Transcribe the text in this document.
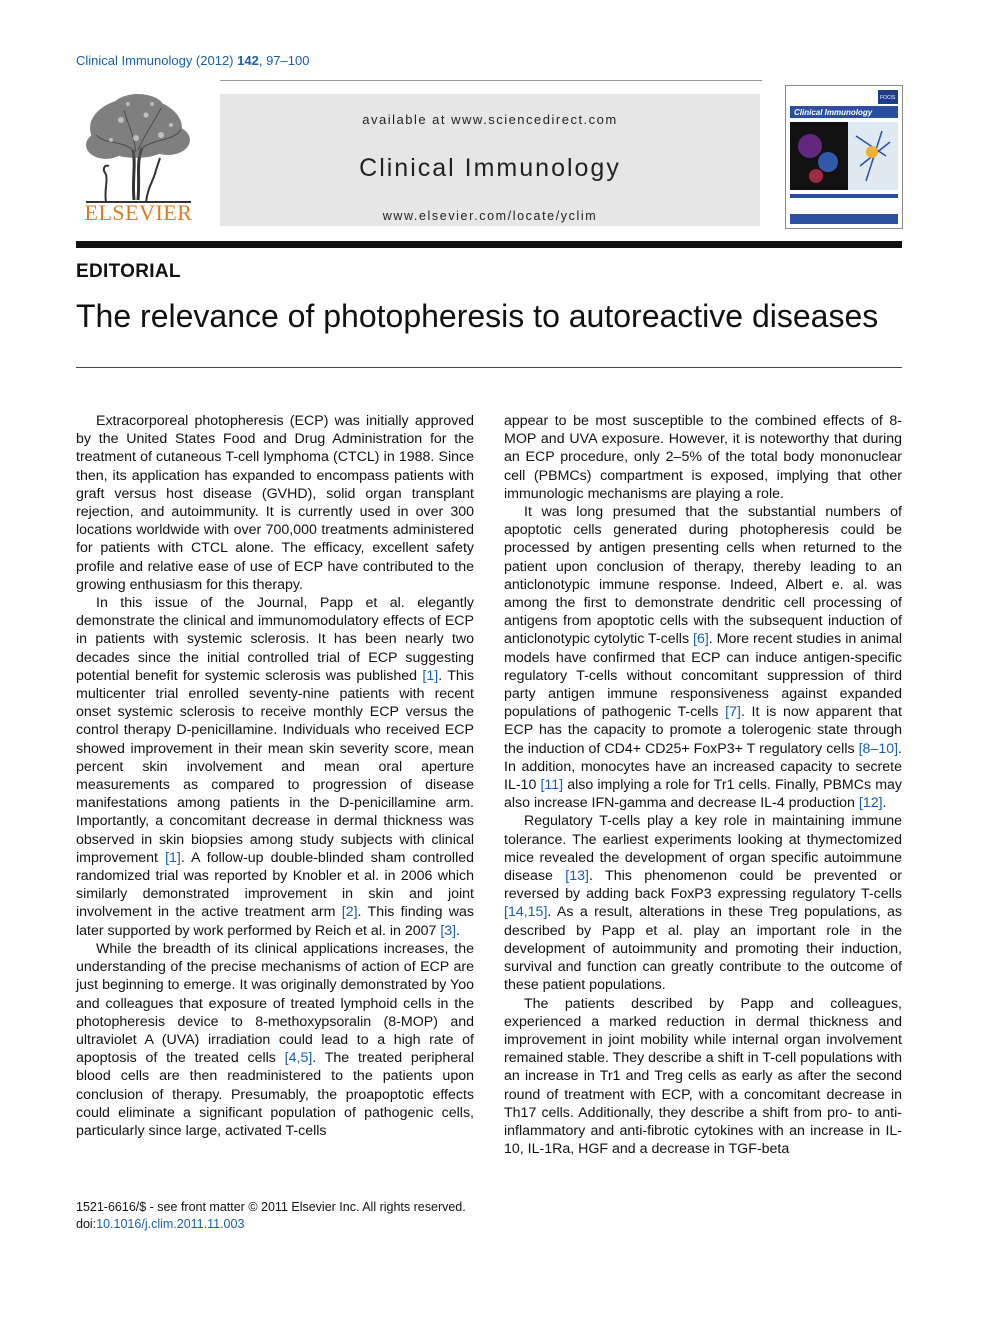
Clinical Immunology (2012) 142, 97–100
ELSEVIER
available at www.sciencedirect.com
Clinical Immunology
www.elsevier.com/locate/yclim
Clinical Immunology
FOCIS
EDITORIAL
The relevance of photopheresis to autoreactive diseases

Extracorporeal photopheresis (ECP) was initially approved by the United States Food and Drug Administration for the treatment of cutaneous T-cell lymphoma (CTCL) in 1988. Since then, its application has expanded to encompass patients with graft versus host disease (GVHD), solid organ transplant rejection, and autoimmunity. It is currently used in over 300 locations worldwide with over 700,000 treatments administered for patients with CTCL alone. The efficacy, excellent safety profile and relative ease of use of ECP have contributed to the growing enthusiasm for this therapy.

In this issue of the Journal, Papp et al. elegantly demonstrate the clinical and immunomodulatory effects of ECP in patients with systemic sclerosis. It has been nearly two decades since the initial controlled trial of ECP suggesting potential benefit for systemic sclerosis was published [1]. This multicenter trial enrolled seventy-nine patients with recent onset systemic sclerosis to receive monthly ECP versus the control therapy D-penicillamine. Individuals who received ECP showed improvement in their mean skin severity score, mean percent skin involvement and mean oral aperture measurements as compared to progression of disease manifestations among patients in the D-penicillamine arm. Importantly, a concomitant decrease in dermal thickness was observed in skin biopsies among study subjects with clinical improvement [1]. A follow-up double-blinded sham controlled randomized trial was reported by Knobler et al. in 2006 which similarly demonstrated improvement in skin and joint involvement in the active treatment arm [2]. This finding was later supported by work performed by Reich et al. in 2007 [3].

While the breadth of its clinical applications increases, the understanding of the precise mechanisms of action of ECP are just beginning to emerge. It was originally demonstrated by Yoo and colleagues that exposure of treated lymphoid cells in the photopheresis device to 8-methoxypsoralin (8-MOP) and ultraviolet A (UVA) irradiation could lead to a high rate of apoptosis of the treated cells [4,5]. The treated peripheral blood cells are then readministered to the patients upon conclusion of therapy. Presumably, the proapoptotic effects could eliminate a significant population of pathogenic cells, particularly since large, activated T-cells

appear to be most susceptible to the combined effects of 8-MOP and UVA exposure. However, it is noteworthy that during an ECP procedure, only 2–5% of the total body mononuclear cell (PBMCs) compartment is exposed, implying that other immunologic mechanisms are playing a role.

It was long presumed that the substantial numbers of apoptotic cells generated during photopheresis could be processed by antigen presenting cells when returned to the patient upon conclusion of therapy, thereby leading to an anticlonotypic immune response. Indeed, Albert e. al. was among the first to demonstrate dendritic cell processing of antigens from apoptotic cells with the subsequent induction of anticlonotypic cytolytic T-cells [6]. More recent studies in animal models have confirmed that ECP can induce antigen-specific regulatory T-cells without concomitant suppression of third party antigen immune responsiveness against expanded populations of pathogenic T-cells [7]. It is now apparent that ECP has the capacity to promote a tolerogenic state through the induction of CD4+ CD25+ FoxP3+ T regulatory cells [8–10]. In addition, monocytes have an increased capacity to secrete IL-10 [11] also implying a role for Tr1 cells. Finally, PBMCs may also increase IFN-gamma and decrease IL-4 production [12].

Regulatory T-cells play a key role in maintaining immune tolerance. The earliest experiments looking at thymectomized mice revealed the development of organ specific autoimmune disease [13]. This phenomenon could be prevented or reversed by adding back FoxP3 expressing regulatory T-cells [14,15]. As a result, alterations in these Treg populations, as described by Papp et al. play an important role in the development of autoimmunity and promoting their induction, survival and function can greatly contribute to the outcome of these patient populations.

The patients described by Papp and colleagues, experienced a marked reduction in dermal thickness and improvement in joint mobility while internal organ involvement remained stable. They describe a shift in T-cell populations with an increase in Tr1 and Treg cells as early as after the second round of treatment with ECP, with a concomitant decrease in Th17 cells. Additionally, they describe a shift from pro- to anti-inflammatory and anti-fibrotic cytokines with an increase in IL-10, IL-1Ra, HGF and a decrease in TGF-beta

1521-6616/$ - see front matter © 2011 Elsevier Inc. All rights reserved.
doi:10.1016/j.clim.2011.11.003
